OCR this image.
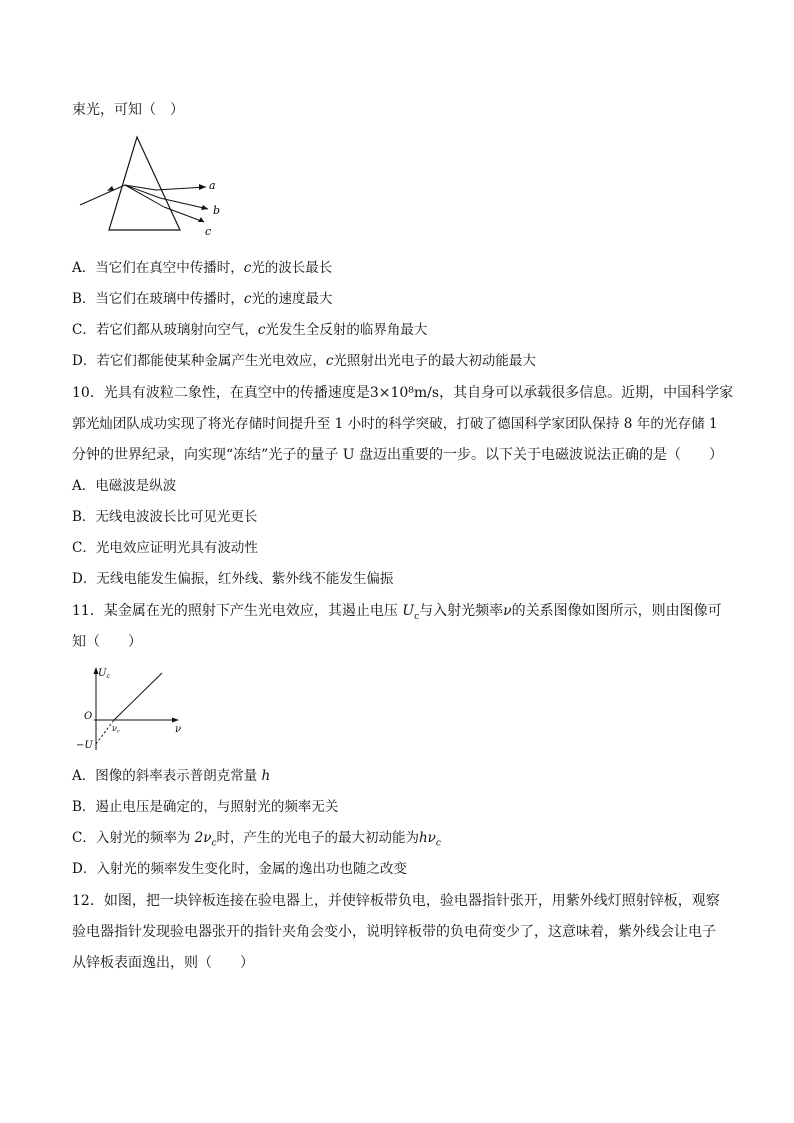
束光，可知（　）
a
b
c
A．当它们在真空中传播时，c光的波长最长
B．当它们在玻璃中传播时，c光的速度最大
C．若它们都从玻璃射向空气，c光发生全反射的临界角最大
D．若它们都能使某种金属产生光电效应，c光照射出光电子的最大初动能最大
10．光具有波粒二象性，在真空中的传播速度是3×10⁸m/s，其自身可以承载很多信息。近期，中国科学家
郭光灿团队成功实现了将光存储时间提升至 1 小时的科学突破，打破了德国科学家团队保持 8 年的光存储 1
分钟的世界纪录，向实现“冻结”光子的量子 U 盘迈出重要的一步。以下关于电磁波说法正确的是（　　）
A．电磁波是纵波
B．无线电波波长比可见光更长
C．光电效应证明光具有波动性
D．无线电能发生偏振，红外线、紫外线不能发生偏振
11．某金属在光的照射下产生光电效应，其遏止电压 $U_c$与入射光频率ν的关系图像如图所示，则由图像可
知（　　）
$U_c$
O
ν
νc
−U
A．图像的斜率表示普朗克常量 h
B．遏止电压是确定的，与照射光的频率无关
C．入射光的频率为 $2\nu_c$时，产生的光电子的最大初动能为$h\nu_c$
D．入射光的频率发生变化时，金属的逸出功也随之改变
12．如图，把一块锌板连接在验电器上，并使锌板带负电，验电器指针张开，用紫外线灯照射锌板，观察
验电器指针发现验电器张开的指针夹角会变小，说明锌板带的负电荷变少了，这意味着，紫外线会让电子
从锌板表面逸出，则（　　）
